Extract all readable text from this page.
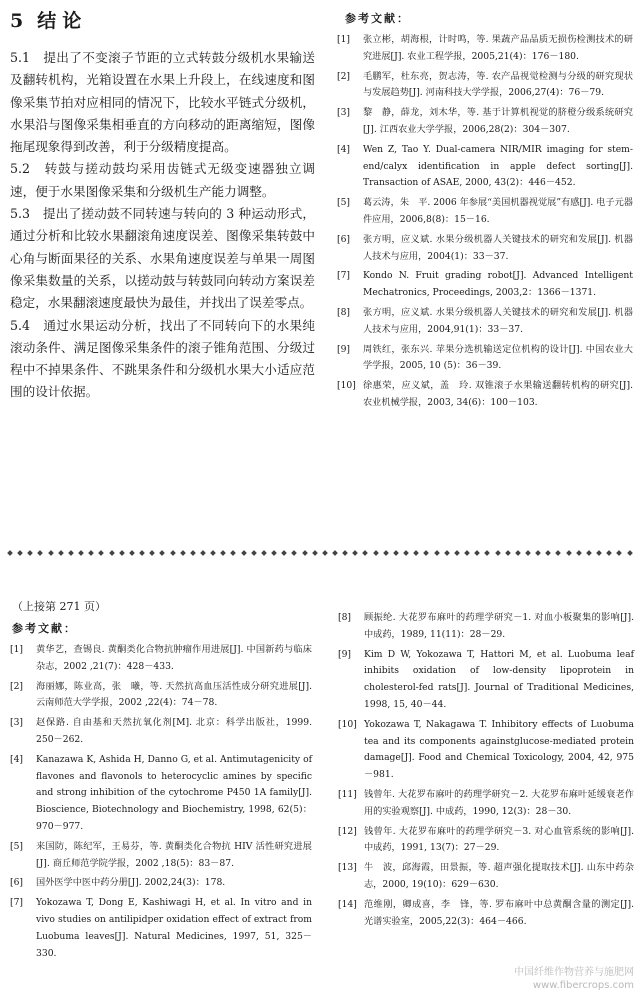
5 结论

5.1　提出了不变滚子节距的立式转鼓分级机水果输送及翻转机构，光箱设置在水果上升段上，在线速度和图像采集节拍对应相同的情况下，比较水平链式分级机，水果沿与图像采集相垂直的方向移动的距离缩短，图像拖尾现象得到改善，利于分级精度提高。

5.2　转鼓与搓动鼓均采用齿链式无级变速器独立调速，便于水果图像采集和分级机生产能力调整。

5.3　提出了搓动鼓不同转速与转向的 3 种运动形式，通过分析和比较水果翻滚角速度误差、图像采集转鼓中心角与断面果径的关系、水果角速度误差与单果一周图像采集数量的关系，以搓动鼓与转鼓同向转动方案误差稳定，水果翻滚速度最快为最佳，并找出了误差零点。

5.4　通过水果运动分析，找出了不同转向下的水果纯滚动条件、满足图像采集条件的滚子锥角范围、分级过程中不掉果条件、不跳果条件和分级机水果大小适应范围的设计依据。

参考文献：
[1]	张立彬，胡海根，计时鸣，等. 果蔬产品品质无损伤检测技术的研究进展[J]. 农业工程学报，2005,21(4)：176－180.
[2]	毛鹏军，杜东亮，贺志涛，等. 农产品视觉检测与分级的研究现状与发展趋势[J]. 河南科技大学学报，2006,27(4)：76－79.
[3]	黎　静，薛龙，刘木华，等. 基于计算机视觉的脐橙分级系统研究[J]. 江西农业大学学报，2006,28(2)：304－307.
[4]	Wen Z, Tao Y. Dual-camera NIR/MIR imaging for stem-end/calyx identification in apple defect sorting[J]. Transaction of ASAE, 2000, 43(2)：446－452.
[5]	葛云涛，朱　平. 2006 年参展“美国机器视觉展”有感[J]. 电子元器件应用，2006,8(8)：15－16.
[6]	张方明，应义斌. 水果分级机器人关键技术的研究和发展[J]. 机器人技术与应用，2004(1)：33－37.
[7]	Kondo N. Fruit grading robot[J]. Advanced Intelligent Mechatronics, Proceedings, 2003,2：1366－1371.
[8]	张方明，应义斌. 水果分级机器人关键技术的研究和发展[J]. 机器人技术与应用，2004,91(1)：33－37.
[9]	周铁红，张东兴. 苹果分选机输送定位机构的设计[J]. 中国农业大学学报，2005, 10 (5)：36－39.
[10] 徐惠荣，应义斌，盖　玲. 双锥滚子水果输送翻转机构的研究[J]. 农业机械学报，2003, 34(6)：100－103.
（上接第 271 页）
参考文献：
[1]	黄华艺，查锡良. 黄酮类化合物抗肿瘤作用进展[J]. 中国新药与临床杂志，2002 ,21(7)：428－433.
[2]	海丽娜，陈业高，张　曦，等. 天然抗高血压活性成分研究进展[J]. 云南师范大学学报，2002 ,22(4)：74－78.
[3]	赵保路. 自由基和天然抗氧化剂[M]. 北京：科学出版社，1999. 250－262.
[4]	Kanazawa K, Ashida H, Danno G, et al. Antimutagenicity of flavones and flavonols to heterocyclic amines by specific and strong inhibition of the cytochrome P450 1A family[J]. Bioscience, Biotechnology and Biochemistry, 1998, 62(5)：970－977.
[5]	来国防，陈纪军，王易芬，等. 黄酮类化合物抗 HIV 活性研究进展[J]. 商丘师范学院学报，2002 ,18(5)：83－87.
[6]	国外医学中医中药分册[J]. 2002,24(3)：178.
[7]	Yokozawa T, Dong E, Kashiwagi H, et al. In vitro and in vivo studies on antilipidper oxidation effect of extract from Luobuma leaves[J]. Natural Medicines, 1997, 51, 325－330.
[8]	顾振纶. 大花罗布麻叶的药理学研究－1. 对血小板聚集的影响[J]. 中成药，1989, 11(11)：28－29.
[9]	Kim D W, Yokozawa T, Hattori M, et al. Luobuma leaf inhibits oxidation of low-density lipoprotein in cholesterol-fed rats[J]. Journal of Traditional Medicines, 1998, 15, 40－44.
[10] Yokozawa T, Nakagawa T. Inhibitory effects of Luobuma tea and its components againstglucose-mediated protein damage[J]. Food and Chemical Toxicology, 2004, 42, 975－981.
[11] 钱曾年. 大花罗布麻叶的药理学研究－2. 大花罗布麻叶延缓衰老作用的实验观察[J]. 中成药，1990, 12(3)：28－30.
[12] 钱曾年. 大花罗布麻叶的药理学研究－3. 对心血管系统的影响[J]. 中成药，1991, 13(7)：27－29.
[13] 牛　波，邱海霞，田景振，等. 超声强化提取技术[J]. 山东中药杂志，2000, 19(10)：629－630.
[14] 范维刚，卿成喜，李　锋，等. 罗布麻叶中总黄酮含量的测定[J]. 光谱实验室，2005,22(3)：464－466.
中国纤维作物营养与施肥网 www.fibercrops.com
